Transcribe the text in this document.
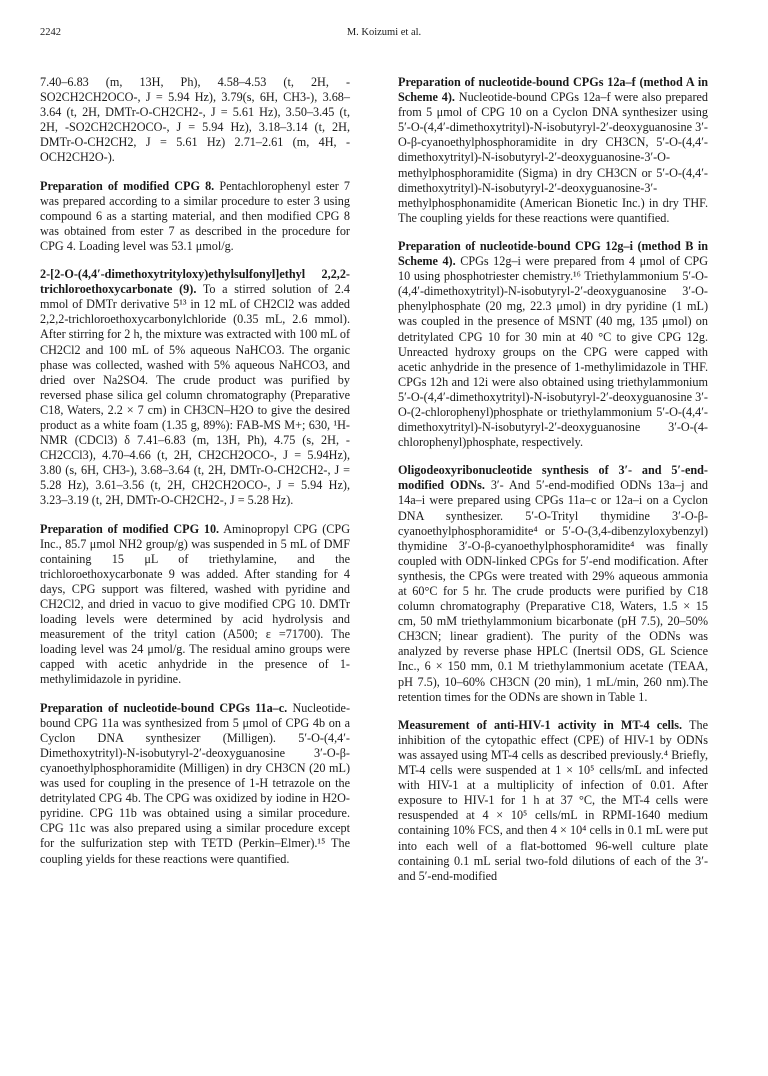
2242	M. Koizumi et al.

7.40–6.83 (m, 13H, Ph), 4.58–4.53 (t, 2H, -SO2CH2CH2OCO-, J = 5.94 Hz), 3.79(s, 6H, CH3-), 3.68–3.64 (t, 2H, DMTr-O-CH2CH2-, J = 5.61 Hz), 3.50–3.45 (t, 2H, -SO2CH2CH2OCO-, J = 5.94 Hz), 3.18–3.14 (t, 2H, DMTr-O-CH2CH2, J = 5.61 Hz) 2.71–2.61 (m, 4H, -OCH2CH2O-).

Preparation of modified CPG 8. Pentachlorophenyl ester 7 was prepared according to a similar procedure to ester 3 using compound 6 as a starting material, and then modified CPG 8 was obtained from ester 7 as described in the procedure for CPG 4. Loading level was 53.1 μmol/g.

2-[2-O-(4,4′-dimethoxytrityloxy)ethylsulfonyl]ethyl 2,2,2-trichloroethoxycarbonate (9). To a stirred solution of 2.4 mmol of DMTr derivative 5¹³ in 12 mL of CH2Cl2 was added 2,2,2-trichloroethoxycarbonylchloride (0.35 mL, 2.6 mmol). After stirring for 2 h, the mixture was extracted with 100 mL of CH2Cl2 and 100 mL of 5% aqueous NaHCO3. The organic phase was collected, washed with 5% aqueous NaHCO3, and dried over Na2SO4. The crude product was purified by reversed phase silica gel column chromatography (Preparative C18, Waters, 2.2 × 7 cm) in CH3CN–H2O to give the desired product as a white foam (1.35 g, 89%): FAB-MS M+; 630, ¹H-NMR (CDCl3) δ 7.41–6.83 (m, 13H, Ph), 4.75 (s, 2H, -CH2CCl3), 4.70–4.66 (t, 2H, CH2CH2OCO-, J = 5.94Hz), 3.80 (s, 6H, CH3-), 3.68–3.64 (t, 2H, DMTr-O-CH2CH2-, J = 5.28 Hz), 3.61–3.56 (t, 2H, CH2CH2OCO-, J = 5.94 Hz), 3.23–3.19 (t, 2H, DMTr-O-CH2CH2-, J = 5.28 Hz).

Preparation of modified CPG 10. Aminopropyl CPG (CPG Inc., 85.7 μmol NH2 group/g) was suspended in 5 mL of DMF containing 15 μL of triethylamine, and the trichloroethoxycarbonate 9 was added. After standing for 4 days, CPG support was filtered, washed with pyridine and CH2Cl2, and dried in vacuo to give modified CPG 10. DMTr loading levels were determined by acid hydrolysis and measurement of the trityl cation (A500; ε =71700). The loading level was 24 μmol/g. The residual amino groups were capped with acetic anhydride in the presence of 1-methylimidazole in pyridine.

Preparation of nucleotide-bound CPGs 11a–c. Nucleotide-bound CPG 11a was synthesized from 5 μmol of CPG 4b on a Cyclon DNA synthesizer (Milligen). 5′-O-(4,4′-Dimethoxytrityl)-N-isobutyryl-2′-deoxyguanosine 3′-O-β-cyanoethylphosphoramidite (Milligen) in dry CH3CN (20 mL) was used for coupling in the presence of 1-H tetrazole on the detritylated CPG 4b. The CPG was oxidized by iodine in H2O-pyridine. CPG 11b was obtained using a similar procedure. CPG 11c was also prepared using a similar procedure except for the sulfurization step with TETD (Perkin–Elmer).¹⁵ The coupling yields for these reactions were quantified.

Preparation of nucleotide-bound CPGs 12a–f (method A in Scheme 4). Nucleotide-bound CPGs 12a–f were also prepared from 5 μmol of CPG 10 on a Cyclon DNA synthesizer using 5′-O-(4,4′-dimethoxytrityl)-N-isobutyryl-2′-deoxyguanosine 3′-O-β-cyanoethylphosphoramidite in dry CH3CN, 5′-O-(4,4′-dimethoxytrityl)-N-isobutyryl-2′-deoxyguanosine-3′-O-methylphosphoramidite (Sigma) in dry CH3CN or 5′-O-(4,4′-dimethoxytrityl)-N-isobutyryl-2′-deoxyguanosine-3′-methylphosphonamidite (American Bionetic Inc.) in dry THF. The coupling yields for these reactions were quantified.

Preparation of nucleotide-bound CPG 12g–i (method B in Scheme 4). CPGs 12g–i were prepared from 4 μmol of CPG 10 using phosphotriester chemistry.¹⁶ Triethylammonium 5′-O-(4,4′-dimethoxytrityl)-N-isobutyryl-2′-deoxyguanosine 3′-O-phenylphosphate (20 mg, 22.3 μmol) in dry pyridine (1 mL) was coupled in the presence of MSNT (40 mg, 135 μmol) on detritylated CPG 10 for 30 min at 40 °C to give CPG 12g. Unreacted hydroxy groups on the CPG were capped with acetic anhydride in the presence of 1-methylimidazole in THF. CPGs 12h and 12i were also obtained using triethylammonium 5′-O-(4,4′-dimethoxytrityl)-N-isobutyryl-2′-deoxyguanosine 3′-O-(2-chlorophenyl)phosphate or triethylammonium 5′-O-(4,4′-dimethoxytrityl)-N-isobutyryl-2′-deoxyguanosine 3′-O-(4-chlorophenyl)phosphate, respectively.

Oligodeoxyribonucleotide synthesis of 3′- and 5′-end-modified ODNs. 3′- And 5′-end-modified ODNs 13a–j and 14a–i were prepared using CPGs 11a–c or 12a–i on a Cyclon DNA synthesizer. 5′-O-Trityl thymidine 3′-O-β-cyanoethylphosphoramidite⁴ or 5′-O-(3,4-dibenzyloxybenzyl) thymidine 3′-O-β-cyanoethylphosphoramidite⁴ was finally coupled with ODN-linked CPGs for 5′-end modification. After synthesis, the CPGs were treated with 29% aqueous ammonia at 60°C for 5 hr. The crude products were purified by C18 column chromatography (Preparative C18, Waters, 1.5 × 15 cm, 50 mM triethylammonium bicarbonate (pH 7.5), 20–50% CH3CN; linear gradient). The purity of the ODNs was analyzed by reverse phase HPLC (Inertsil ODS, GL Science Inc., 6 × 150 mm, 0.1 M triethylammonium acetate (TEAA, pH 7.5), 10–60% CH3CN (20 min), 1 mL/min, 260 nm).The retention times for the ODNs are shown in Table 1.

Measurement of anti-HIV-1 activity in MT-4 cells. The inhibition of the cytopathic effect (CPE) of HIV-1 by ODNs was assayed using MT-4 cells as described previously.⁴ Briefly, MT-4 cells were suspended at 1 × 10⁵ cells/mL and infected with HIV-1 at a multiplicity of infection of 0.01. After exposure to HIV-1 for 1 h at 37 °C, the MT-4 cells were resuspended at 4 × 10⁵ cells/mL in RPMI-1640 medium containing 10% FCS, and then 4 × 10⁴ cells in 0.1 mL were put into each well of a flat-bottomed 96-well culture plate containing 0.1 mL serial two-fold dilutions of each of the 3′- and 5′-end-modified
